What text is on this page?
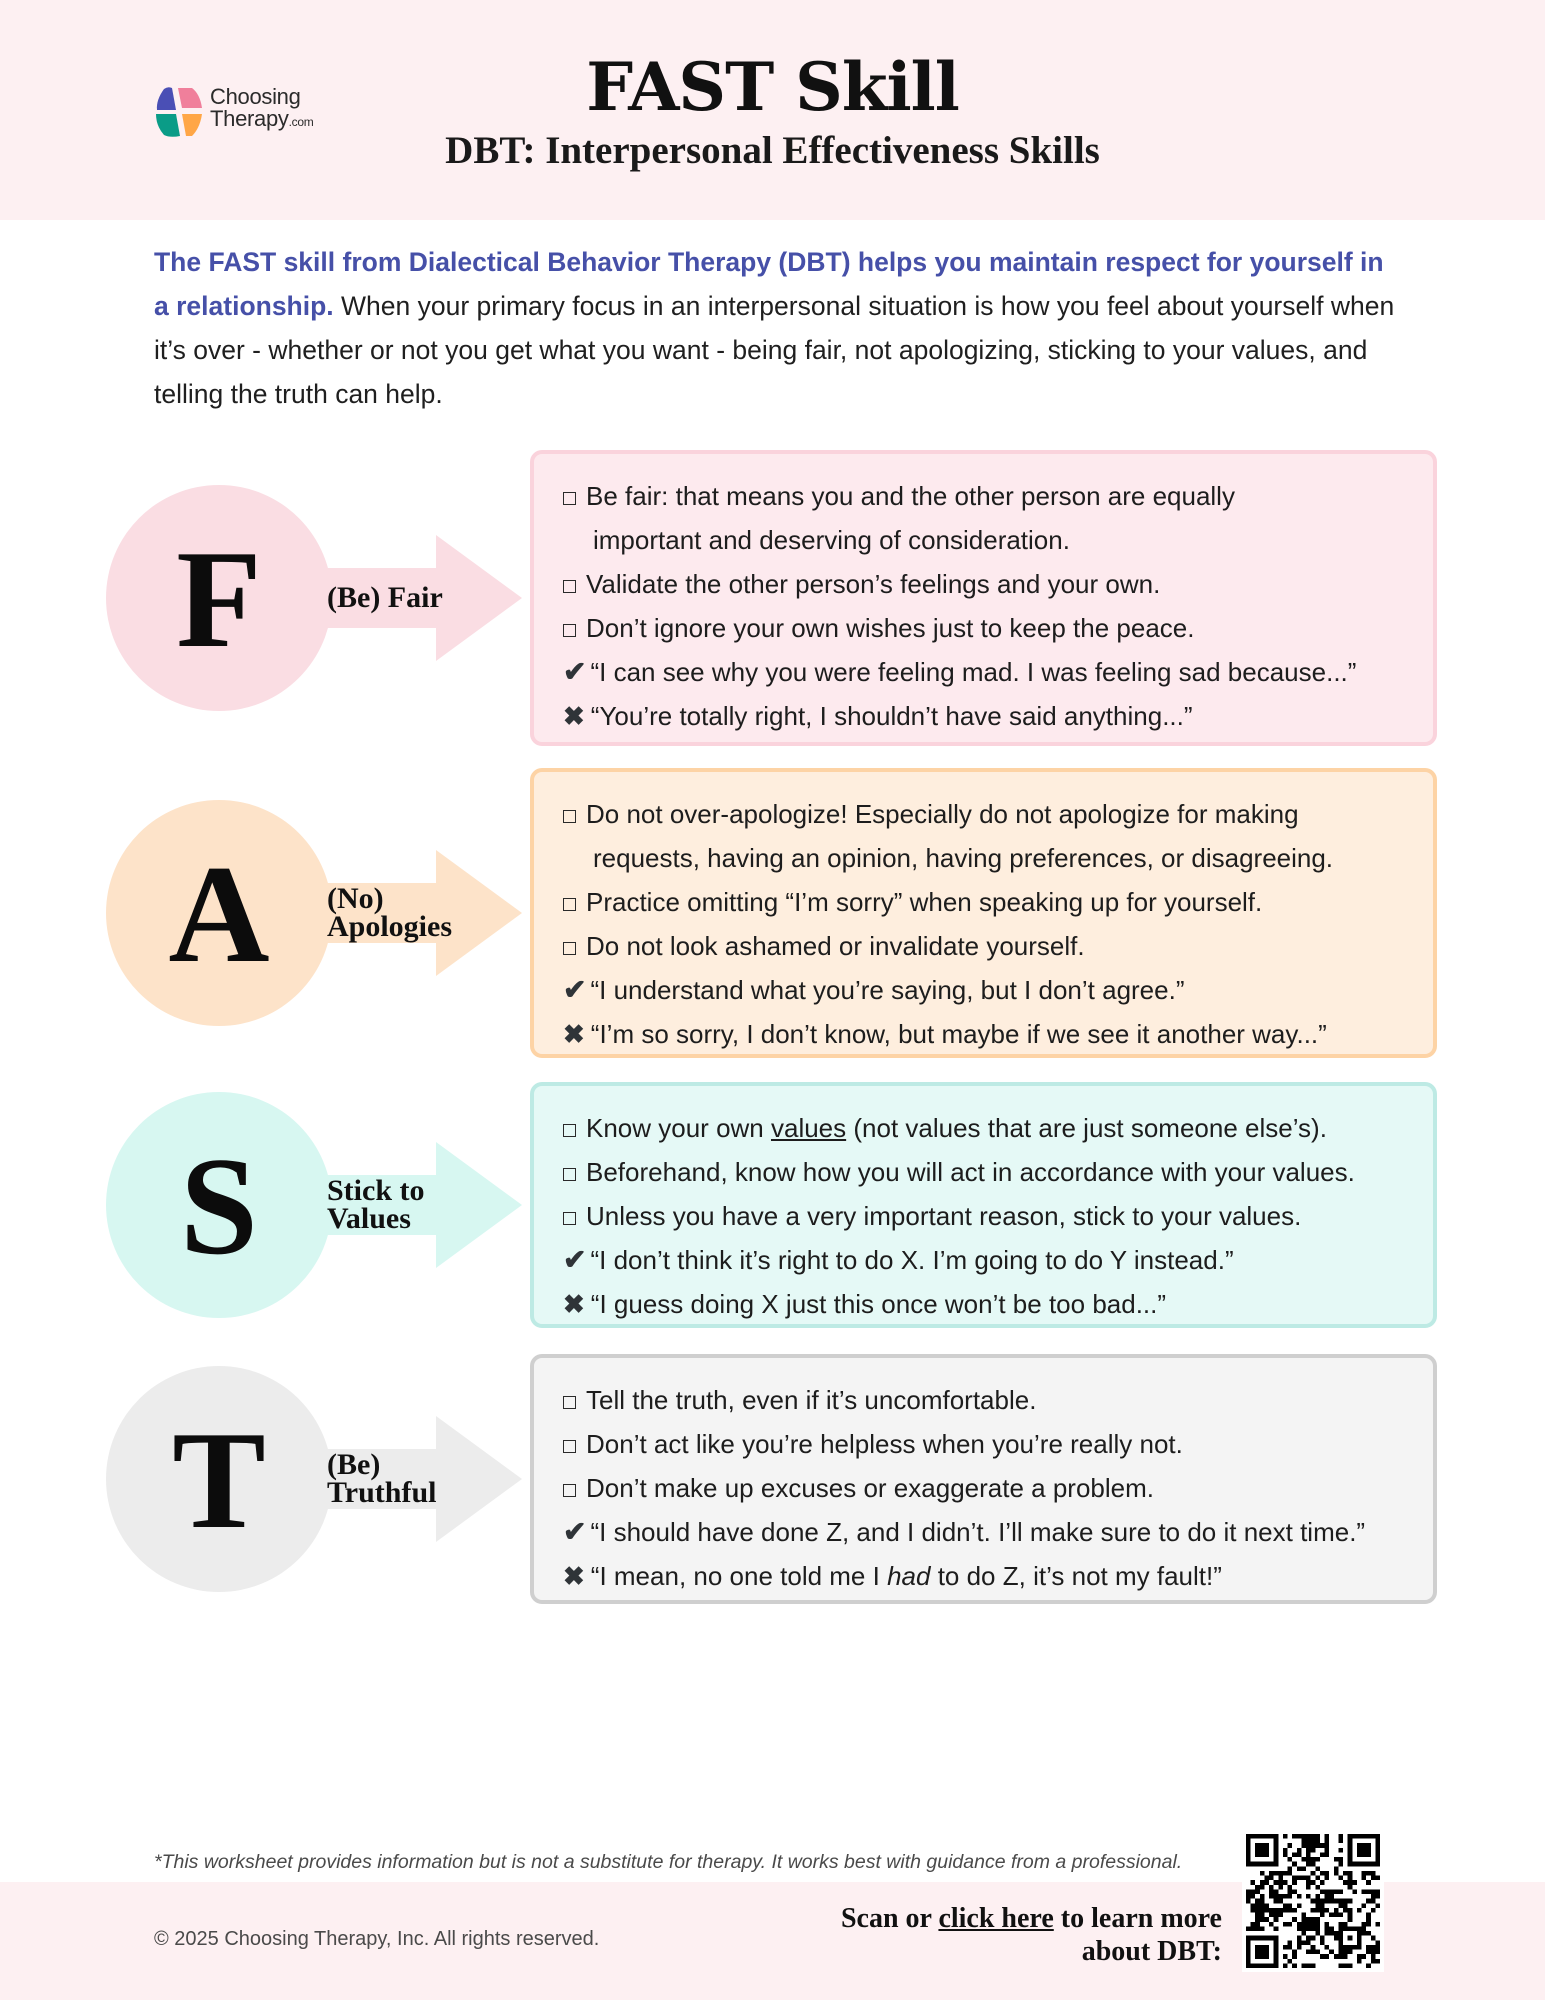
Choosing
Therapy.com	FAST Skill
DBT: Interpersonal Effectiveness Skills

The FAST skill from Dialectical Behavior Therapy (DBT) helps you maintain respect for yourself in a relationship. When your primary focus in an interpersonal situation is how you feel about yourself when it’s over - whether or not you get what you want - being fair, not apologizing, sticking to your values, and telling the truth can help.

F	(Be) Fair
Be fair: that means you and the other person are equally
important and deserving of consideration.
Validate the other person’s feelings and your own.
Don’t ignore your own wishes just to keep the peace.
✔ “I can see why you were feeling mad. I was feeling sad because...”
✖ “You’re totally right, I shouldn’t have said anything...”
A	(No)
Apologies
Do not over-apologize! Especially do not apologize for making
requests, having an opinion, having preferences, or disagreeing.
Practice omitting “I’m sorry” when speaking up for yourself.
Do not look ashamed or invalidate yourself.
✔ “I understand what you’re saying, but I don’t agree.”
✖ “I’m so sorry, I don’t know, but maybe if we see it another way...”
S	Stick to
Values
Know your own values (not values that are just someone else’s).
Beforehand, know how you will act in accordance with your values.
Unless you have a very important reason, stick to your values.
✔ “I don’t think it’s right to do X. I’m going to do Y instead.”
✖ “I guess doing X just this once won’t be too bad...”
T	(Be)
Truthful
Tell the truth, even if it’s uncomfortable.
Don’t act like you’re helpless when you’re really not.
Don’t make up excuses or exaggerate a problem.
✔ “I should have done Z, and I didn’t. I’ll make sure to do it next time.”
✖ “I mean, no one told me I had to do Z, it’s not my fault!”
*This worksheet provides information but is not a substitute for therapy. It works best with guidance from a professional.
© 2025 Choosing Therapy, Inc. All rights reserved.
Scan or click here to learn more
about DBT:
